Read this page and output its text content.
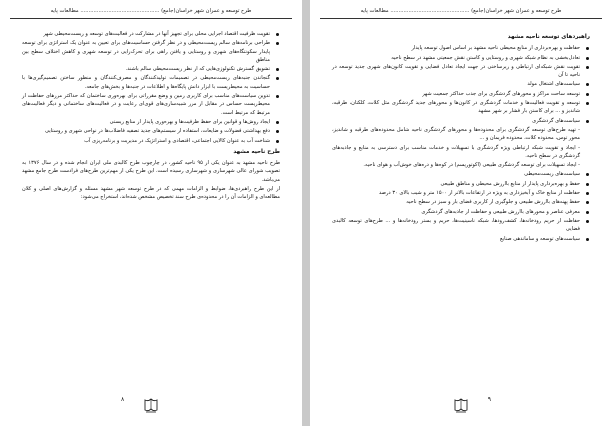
طرح توسعه و عمران شهر خراسان(جامع) ................................................ مطالعات پایه
تقویت ظرفیت اقتصاد اجرایی محلی برای تجهیز آنها در مشارکت در فعالیت‌های توسعه و زیست‌محیطی شهر
طراحی برنامه‌های سالم زیست‌محیطی و در نظر گرفتن حساسیت‌های برای تعیین به عنوان یک استراتژی برای توسعه پایدار سکونتگاه‌های شهری و روستایی و یافتن راهی برای تحرک‌زایی در توسعه شهری و کاهش اختلاف سطح بین مناطق
تشویق گسترش تکنولوژی‌هایی که از نظر زیست‌محیطی سالم باشند.
گنجاندن جنبه‌های زیست‌محیطی در تصمیمات تولیدکنندگان و مصرف‌کنندگان و منظور ساختن تصمیم‌گیری‌ها با حساسیت به محیط‌زیست با ابزار دانش پایگاه‌ها و اطلاعات در جنبه‌ها و بخش‌های جامعه.
تدوین سیاست‌های مناسب برای کاربری زمین و وضع مقرراتی برای بهره‌وری ساختمان که حداکثر مرزهای حفاظت از محیط‌زیست حساس در مقابل از مرز شبیه‌سازی‌های قوی‌ای رعایت و در فعالیت‌های ساختمانی و دیگر فعالیت‌های مرتبط که مرتبط است.
ایجاد روش‌ها و قوانین برای حفظ ظرفیت‌ها و بهره‌وری پایدار از منابع زیستی
دفع بهداشتی فضولات و ضایعات، استفاده از سیستم‌های جدید تصفیه فاضلاب‌ها در نواحی شهری و روستایی
شناخت آب به عنوان کالایی اجتماعی، اقتصادی و استراتژیک در مدیریت و برنامه‌ریزی آب
طرح ناحیه مشهد

طرح ناحیه مشهد به عنوان یکی از ۹۵ ناحیه کشور، در چارچوب طرح کالبدی ملی ایران انجام شده و در سال ۱۳۷۶ به تصویب شورای عالی شهرسازی و شهرسازی رسیده است. این طرح یکی از مهم‌ترین طرح‌های فرادست طرح جامع مشهد می‌باشد.

از این طرح راهبردی‌ها، ضوابط و الزامات مهمی که در طرح توسعه شهر مشهد مسئله و گزارش‌های اصلی و کلان مطالعه‌ای و الزامات آن را در محدوده‌ی طرح سند تخصیص مشخص شده‌اند، استخراج می‌شود:

۸
طرح توسعه و عمران شهر خراسان(جامع) ................................................ مطالعات پایه
راهبردهای توسعه ناحیه مشهد
حفاظت و بهره‌برداری از منابع محیطی ناحیه مشهد بر اساس اصول توسعه پایدار
تعادل‌بخشی به نظام شبکه شهری و روستایی و کاستن نقش جمعیتی مشهد در سطح ناحیه
تقویت نقش شبکه‌ای ارتباطی و زیرساختی در جهت ایجاد تعادل فضایی و تقویت کانون‌های شهری جدید توسعه در ناحیه تا آن
سیاست‌های اشتغال مولد
توسعه ساحت مراکز و محورهای گردشگری برای جذب حداکثر جمعیت شهر
توسعه و تقویت فعالیت‌ها و خدمات گردشگری در کانون‌ها و محورهای جدید گردشگری مثل کلات، کلکتان، طرقبه، شاندیز و ... برای کاستن بار فشار بر شهر مشهد
سیاست‌های گردشگری

- تهیه طرح‌های توسعه گردشگری برای محدوده‌ها و محورهای گردشگری ناحیه شامل محدوده‌های طرقبه و شاندیز، محور توس، محدوده کلات، محدوده فریمان و ...

- ایجاد و تقویت شبکه ارتباطی ویژه گردشگری با تسهیلات و خدمات مناسب برای دسترسی به منابع و جاذبه‌های گردشگری در سطح ناحیه.

- ایجاد تسهیلات برای توسعه گردشگری طبیعی (اکوتوریسم) در کوه‌ها و دره‌های خوش‌آب و هوای ناحیه.

سیاست‌های زیست‌محیطی
حفظ و بهره‌برداری پایدار از منابع باارزش محیطی و مناطق طبیعی
حفاظت از منابع خاک و آبخیزداری به ویژه در ارتفاعات بالاتر از ۱۵۰۰ متر و شیب بالای ۳۰ درصد
حفظ پهنه‌های باارزش طبیعی و جلوگیری از کاربری فضای باز و سبز در سطح ناحیه
معرفی عناصر و محورهای باارزش طبیعی و حفاظت از جاذبه‌های گردشگری
حفاظت از حریم رودخانه‌ها، کشف‌رودها، شبکه ناسینیت‌ها، حریم و بستر رودخانه‌ها و ... طرح‌های توسعه کالبدی فضایی
سیاست‌های توسعه و ساماندهی صنایع
۹
